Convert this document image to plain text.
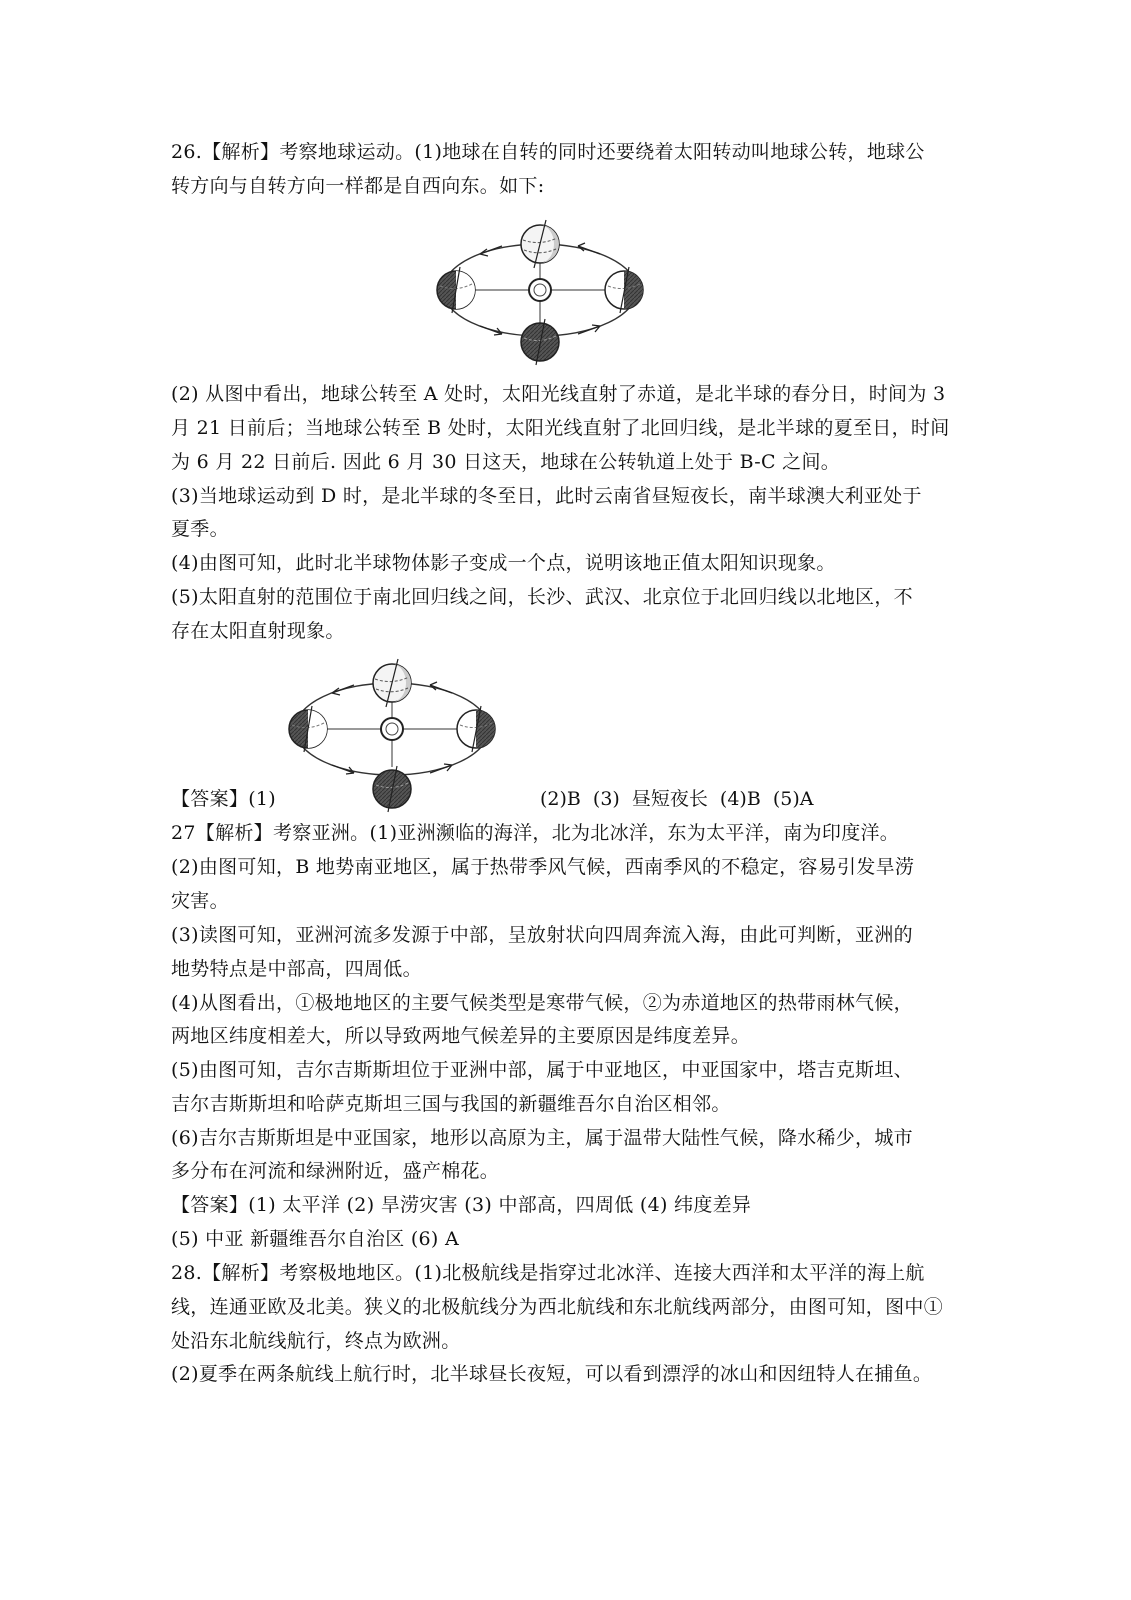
26.【解析】考察地球运动。(1)地球在自转的同时还要绕着太阳转动叫地球公转，地球公
转方向与自转方向一样都是自西向东。如下:
(2) 从图中看出，地球公转至 A 处时，太阳光线直射了赤道，是北半球的春分日，时间为 3
月 21 日前后；当地球公转至 B 处时，太阳光线直射了北回归线，是北半球的夏至日，时间
为 6 月 22 日前后. 因此 6 月 30 日这天，地球在公转轨道上处于 B-C 之间。
(3)当地球运动到 D 时，是北半球的冬至日，此时云南省昼短夜长，南半球澳大利亚处于
夏季。
(4)由图可知，此时北半球物体影子变成一个点，说明该地正值太阳知识现象。
(5)太阳直射的范围位于南北回归线之间，长沙、武汉、北京位于北回归线以北地区，不
存在太阳直射现象。
【答案】(1)	(2)B (3) 昼短夜长 (4)B (5)A
27【解析】考察亚洲。(1)亚洲濒临的海洋，北为北冰洋，东为太平洋，南为印度洋。
(2)由图可知，B 地势南亚地区，属于热带季风气候，西南季风的不稳定，容易引发旱涝
灾害。
(3)读图可知，亚洲河流多发源于中部，呈放射状向四周奔流入海，由此可判断，亚洲的
地势特点是中部高，四周低。
(4)从图看出，①极地地区的主要气候类型是寒带气候，②为赤道地区的热带雨林气候，
两地区纬度相差大，所以导致两地气候差异的主要原因是纬度差异。
(5)由图可知，吉尔吉斯斯坦位于亚洲中部，属于中亚地区，中亚国家中，塔吉克斯坦、
吉尔吉斯斯坦和哈萨克斯坦三国与我国的新疆维吾尔自治区相邻。
(6)吉尔吉斯斯坦是中亚国家，地形以高原为主，属于温带大陆性气候，降水稀少，城市
多分布在河流和绿洲附近，盛产棉花。
【答案】(1) 太平洋 (2) 旱涝灾害 (3) 中部高，四周低 (4) 纬度差异
(5) 中亚 新疆维吾尔自治区 (6) A
28.【解析】考察极地地区。(1)北极航线是指穿过北冰洋、连接大西洋和太平洋的海上航
线，连通亚欧及北美。狭义的北极航线分为西北航线和东北航线两部分，由图可知，图中①
处沿东北航线航行，终点为欧洲。
(2)夏季在两条航线上航行时，北半球昼长夜短，可以看到漂浮的冰山和因纽特人在捕鱼。
